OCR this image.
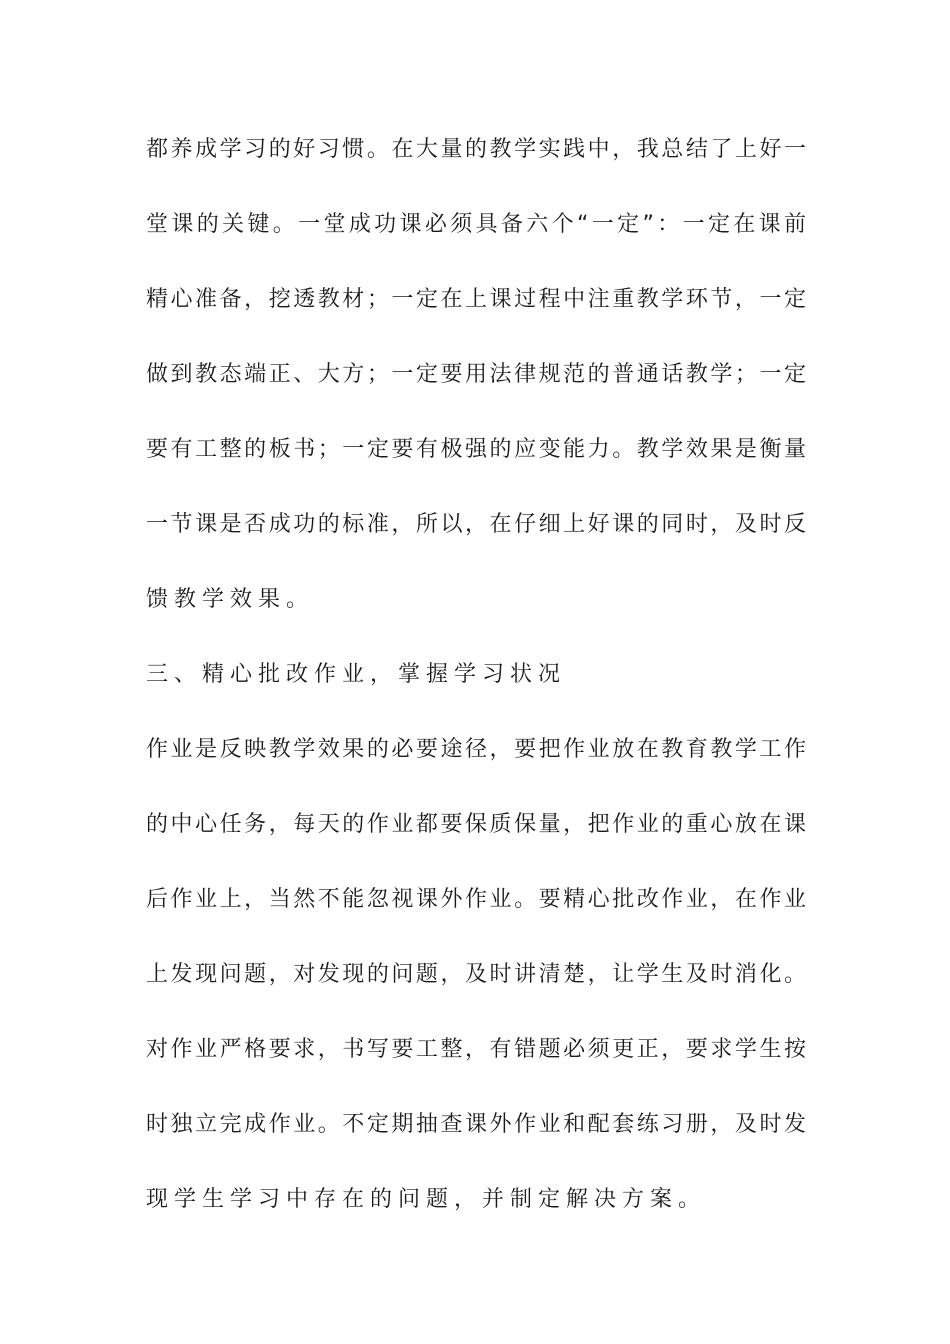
都养成学习的好习惯。在大量的教学实践中，我总结了上好一
堂课的关键。一堂成功课必须具备六个“一定”：一定在课前
精心准备，挖透教材；一定在上课过程中注重教学环节，一定
做到教态端正、大方；一定要用法律规范的普通话教学；一定
要有工整的板书；一定要有极强的应变能力。教学效果是衡量
一节课是否成功的标准，所以，在仔细上好课的同时，及时反
馈教学效果。
三、精心批改作业，掌握学习状况
作业是反映教学效果的必要途径，要把作业放在教育教学工作
的中心任务，每天的作业都要保质保量，把作业的重心放在课
后作业上，当然不能忽视课外作业。要精心批改作业，在作业
上发现问题，对发现的问题，及时讲清楚，让学生及时消化。
对作业严格要求，书写要工整，有错题必须更正，要求学生按
时独立完成作业。不定期抽查课外作业和配套练习册，及时发
现学生学习中存在的问题，并制定解决方案。
